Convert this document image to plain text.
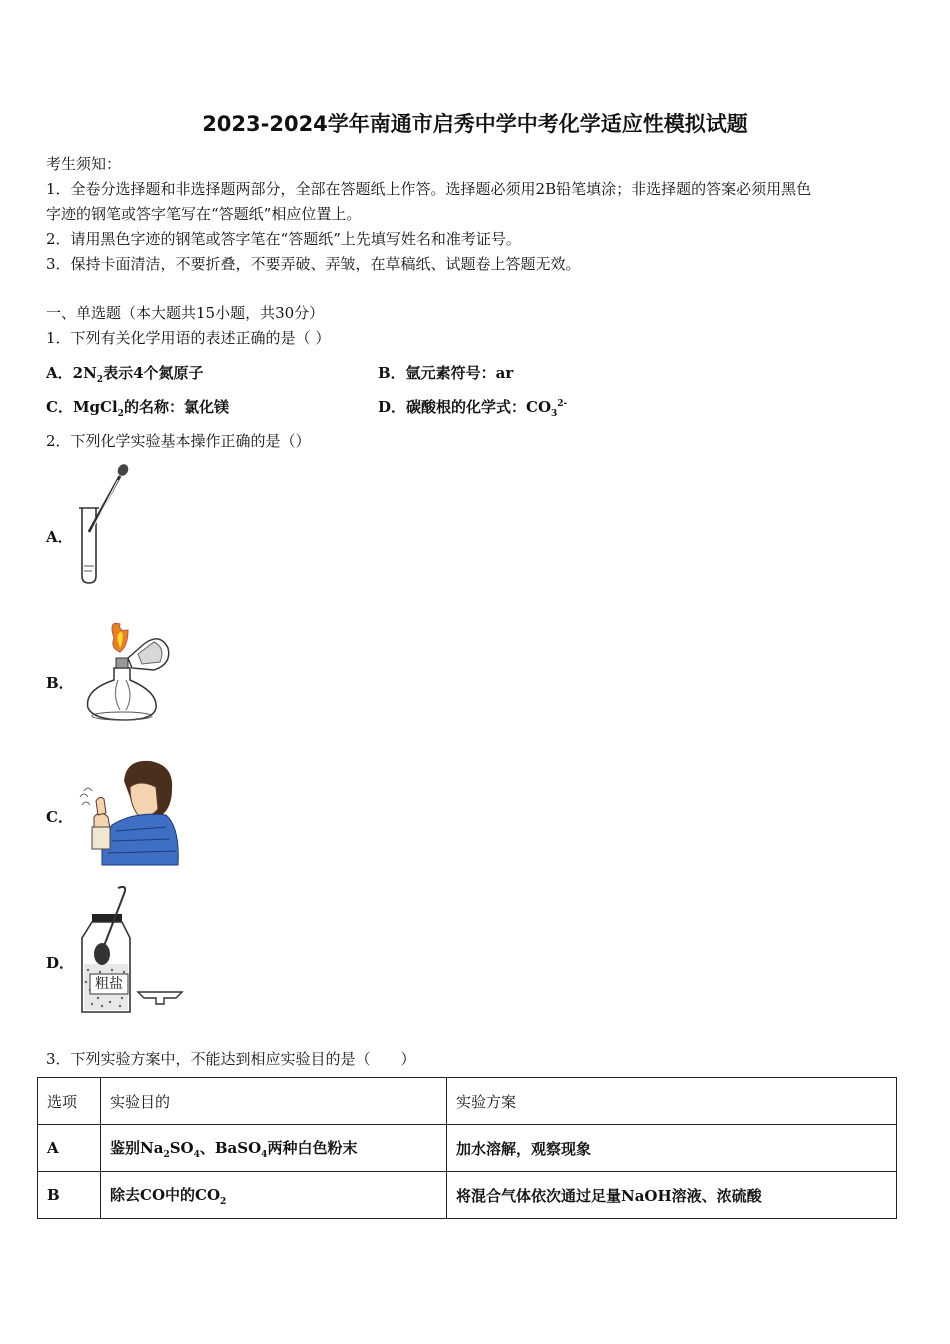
2023-2024学年南通市启秀中学中考化学适应性模拟试题
考生须知：
1．全卷分选择题和非选择题两部分，全部在答题纸上作答。选择题必须用2B铅笔填涂；非选择题的答案必须用黑色
字迹的钢笔或答字笔写在“答题纸”相应位置上。
2．请用黑色字迹的钢笔或答字笔在“答题纸”上先填写姓名和准考证号。
3．保持卡面清洁，不要折叠，不要弄破、弄皱，在草稿纸、试题卷上答题无效。
一、单选题（本大题共15小题，共30分）
1．下列有关化学用语的表述正确的是（ ）
A．$2N_2$表示4个氮原子	B．氩元素符号：ar
C．MgCl$_2$的名称：氯化镁	D．碳酸根的化学式：$CO_3^{2-}$
2．下列化学实验基本操作正确的是（）
A．
B．
C．
D．
粗盐
3．下列实验方案中，不能达到相应实验目的是（　　）
选项	实验目的	实验方案
A	鉴别$Na_2SO_4$、BaSO$_4$两种白色粉末	加水溶解，观察现象
B	除去CO中的$CO_2$	将混合气体依次通过足量NaOH溶液、浓硫酸
